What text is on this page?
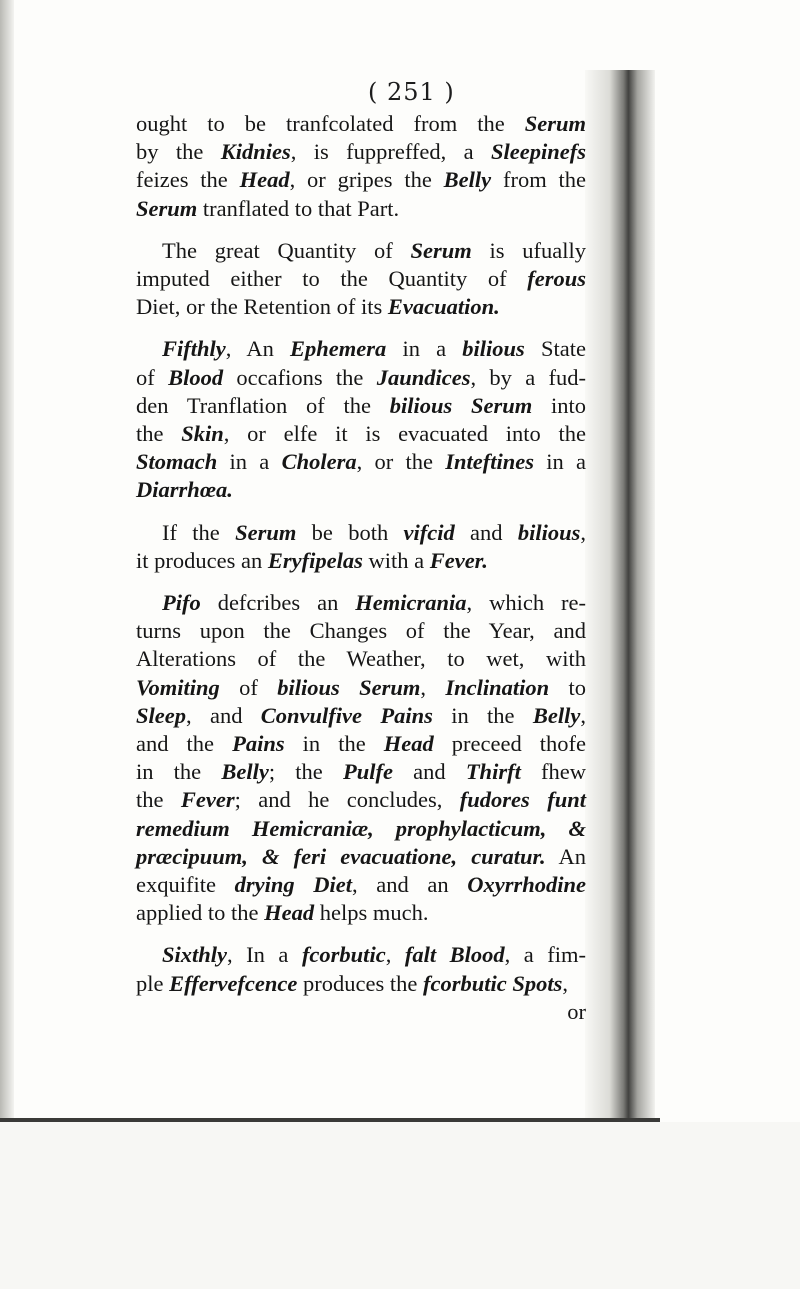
( 251 )
ought to be tranfcolated from the Serum
by the Kidnies, is fuppreffed, a Sleepinefs
feizes the Head, or gripes the Belly from the
Serum tranflated to that Part.
The great Quantity of Serum is ufually
imputed either to the Quantity of ferous
Diet, or the Retention of its Evacuation.
Fifthly, An Ephemera in a bilious State
of Blood occafions the Jaundices, by a fud-
den Tranflation of the bilious Serum into
the Skin, or elfe it is evacuated into the
Stomach in a Cholera, or the Inteftines in a
Diarrhœa.
If the Serum be both vifcid and bilious,
it produces an Eryfipelas with a Fever.
Pifo defcribes an Hemicrania, which re-
turns upon the Changes of the Year, and
Alterations of the Weather, to wet, with
Vomiting of bilious Serum, Inclination to
Sleep, and Convulfive Pains in the Belly,
and the Pains in the Head preceed thofe
in the Belly; the Pulfe and Thirft fhew
the Fever; and he concludes, fudores funt
remedium Hemicraniæ, prophylacticum, &
præcipuum, & feri evacuatione, curatur. An
exquifite drying Diet, and an Oxyrrhodine
applied to the Head helps much.
Sixthly, In a fcorbutic, falt Blood, a fim-
ple Effervefcence produces the fcorbutic Spots,
or
